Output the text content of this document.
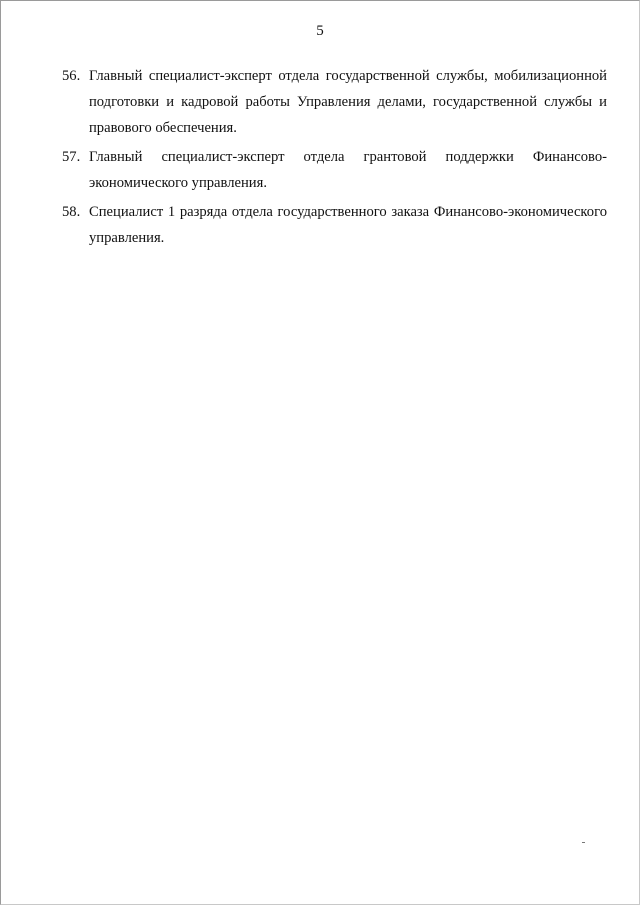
5
56. Главный специалист-эксперт отдела государственной службы, мобилизационной подготовки и кадровой работы Управления делами, государственной службы и правового обеспечения.
57. Главный специалист-эксперт отдела грантовой поддержки Финансово-экономического управления.
58. Специалист 1 разряда отдела государственного заказа Финансово-экономического управления.
